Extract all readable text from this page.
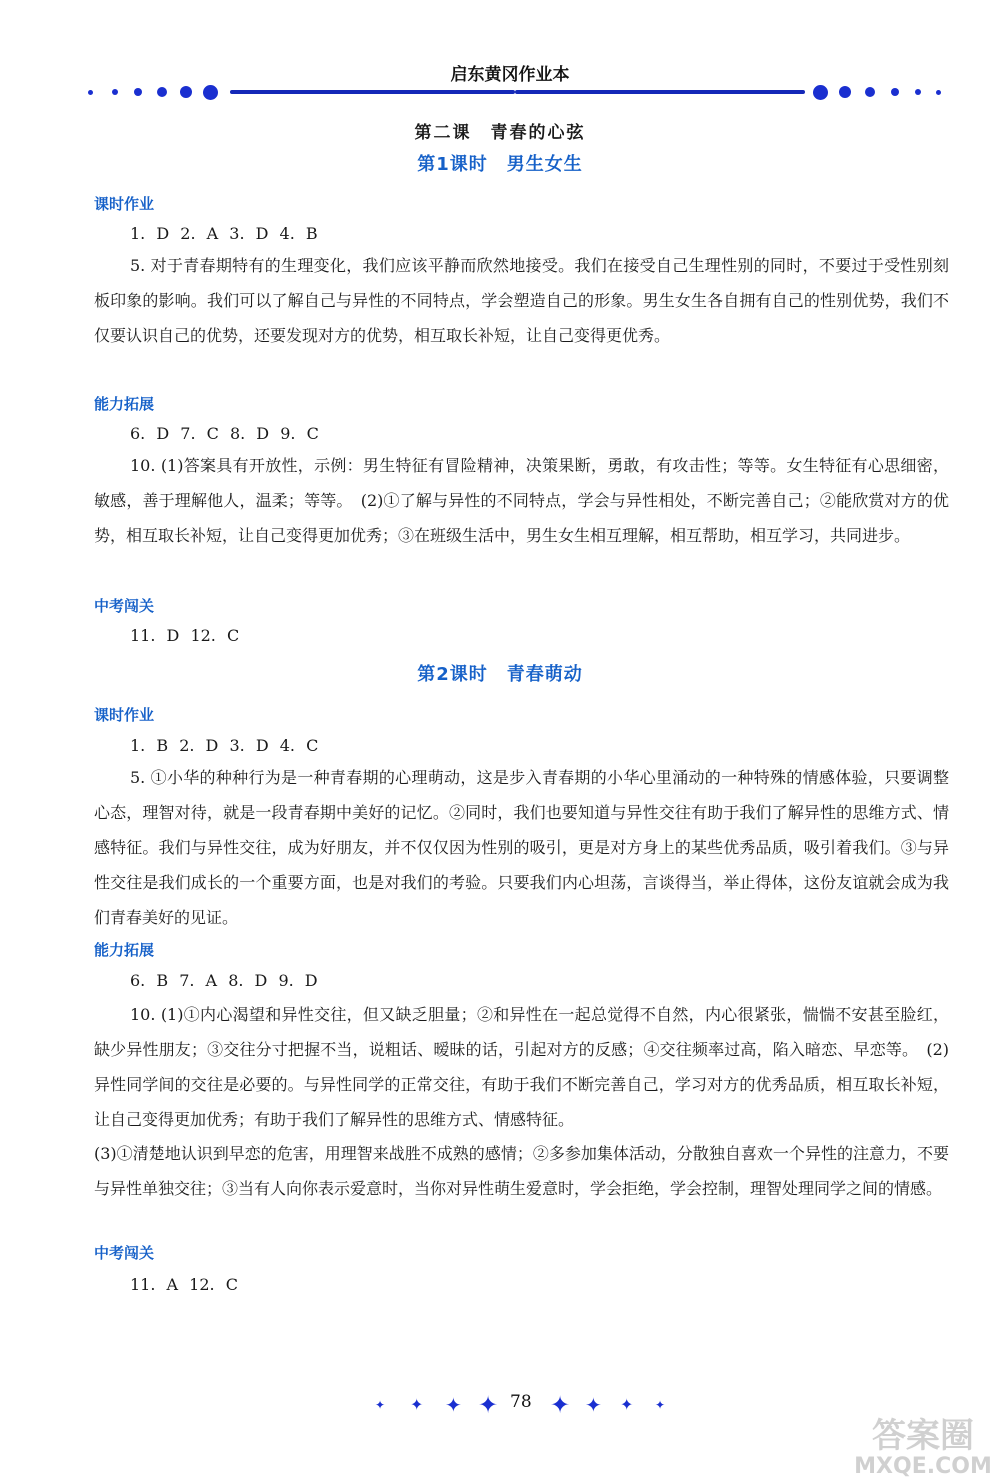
启东黄冈作业本
第二课　青春的心弦
第1课时　男生女生
课时作业
1. D 2. A 3. D 4. B
5. 对于青春期特有的生理变化，我们应该平静而欣然地接受。我们在接受自己生理性别的同时，不要过于受性别刻板印象的影响。我们可以了解自己与异性的不同特点，学会塑造自己的形象。男生女生各自拥有自己的性别优势，我们不仅要认识自己的优势，还要发现对方的优势，相互取长补短，让自己变得更优秀。
能力拓展
6. D 7. C 8. D 9. C
10. (1)答案具有开放性，示例：男生特征有冒险精神，决策果断，勇敢，有攻击性；等等。女生特征有心思细密，敏感，善于理解他人，温柔；等等。　(2)①了解与异性的不同特点，学会与异性相处，不断完善自己；②能欣赏对方的优势，相互取长补短，让自己变得更加优秀；③在班级生活中，男生女生相互理解，相互帮助，相互学习，共同进步。
中考闯关
11. D 12. C
第2课时　青春萌动
课时作业
1. B 2. D 3. D 4. C
5. ①小华的种种行为是一种青春期的心理萌动，这是步入青春期的小华心里涌动的一种特殊的情感体验，只要调整心态，理智对待，就是一段青春期中美好的记忆。②同时，我们也要知道与异性交往有助于我们了解异性的思维方式、情感特征。我们与异性交往，成为好朋友，并不仅仅因为性别的吸引，更是对方身上的某些优秀品质，吸引着我们。③与异性交往是我们成长的一个重要方面，也是对我们的考验。只要我们内心坦荡，言谈得当，举止得体，这份友谊就会成为我们青春美好的见证。
能力拓展
6. B 7. A 8. D 9. D
10. (1)①内心渴望和异性交往，但又缺乏胆量；②和异性在一起总觉得不自然，内心很紧张，惴惴不安甚至脸红，缺少异性朋友；③交往分寸把握不当，说粗话、暧昧的话，引起对方的反感；④交往频率过高，陷入暗恋、早恋等。　(2)异性同学间的交往是必要的。与异性同学的正常交往，有助于我们不断完善自己，学习对方的优秀品质，相互取长补短，让自己变得更加优秀；有助于我们了解异性的思维方式、情感特征。
(3)①清楚地认识到早恋的危害，用理智来战胜不成熟的感情；②多参加集体活动，分散独自喜欢一个异性的注意力，不要与异性单独交往；③当有人向你表示爱意时，当你对异性萌生爱意时，学会拒绝，学会控制，理智处理同学之间的情感。
中考闯关
11. A 12. C
✦ ✦ ✦ ✦ ✦ ✦ ✦ ✦
78
答案圈
MXQE.COM
